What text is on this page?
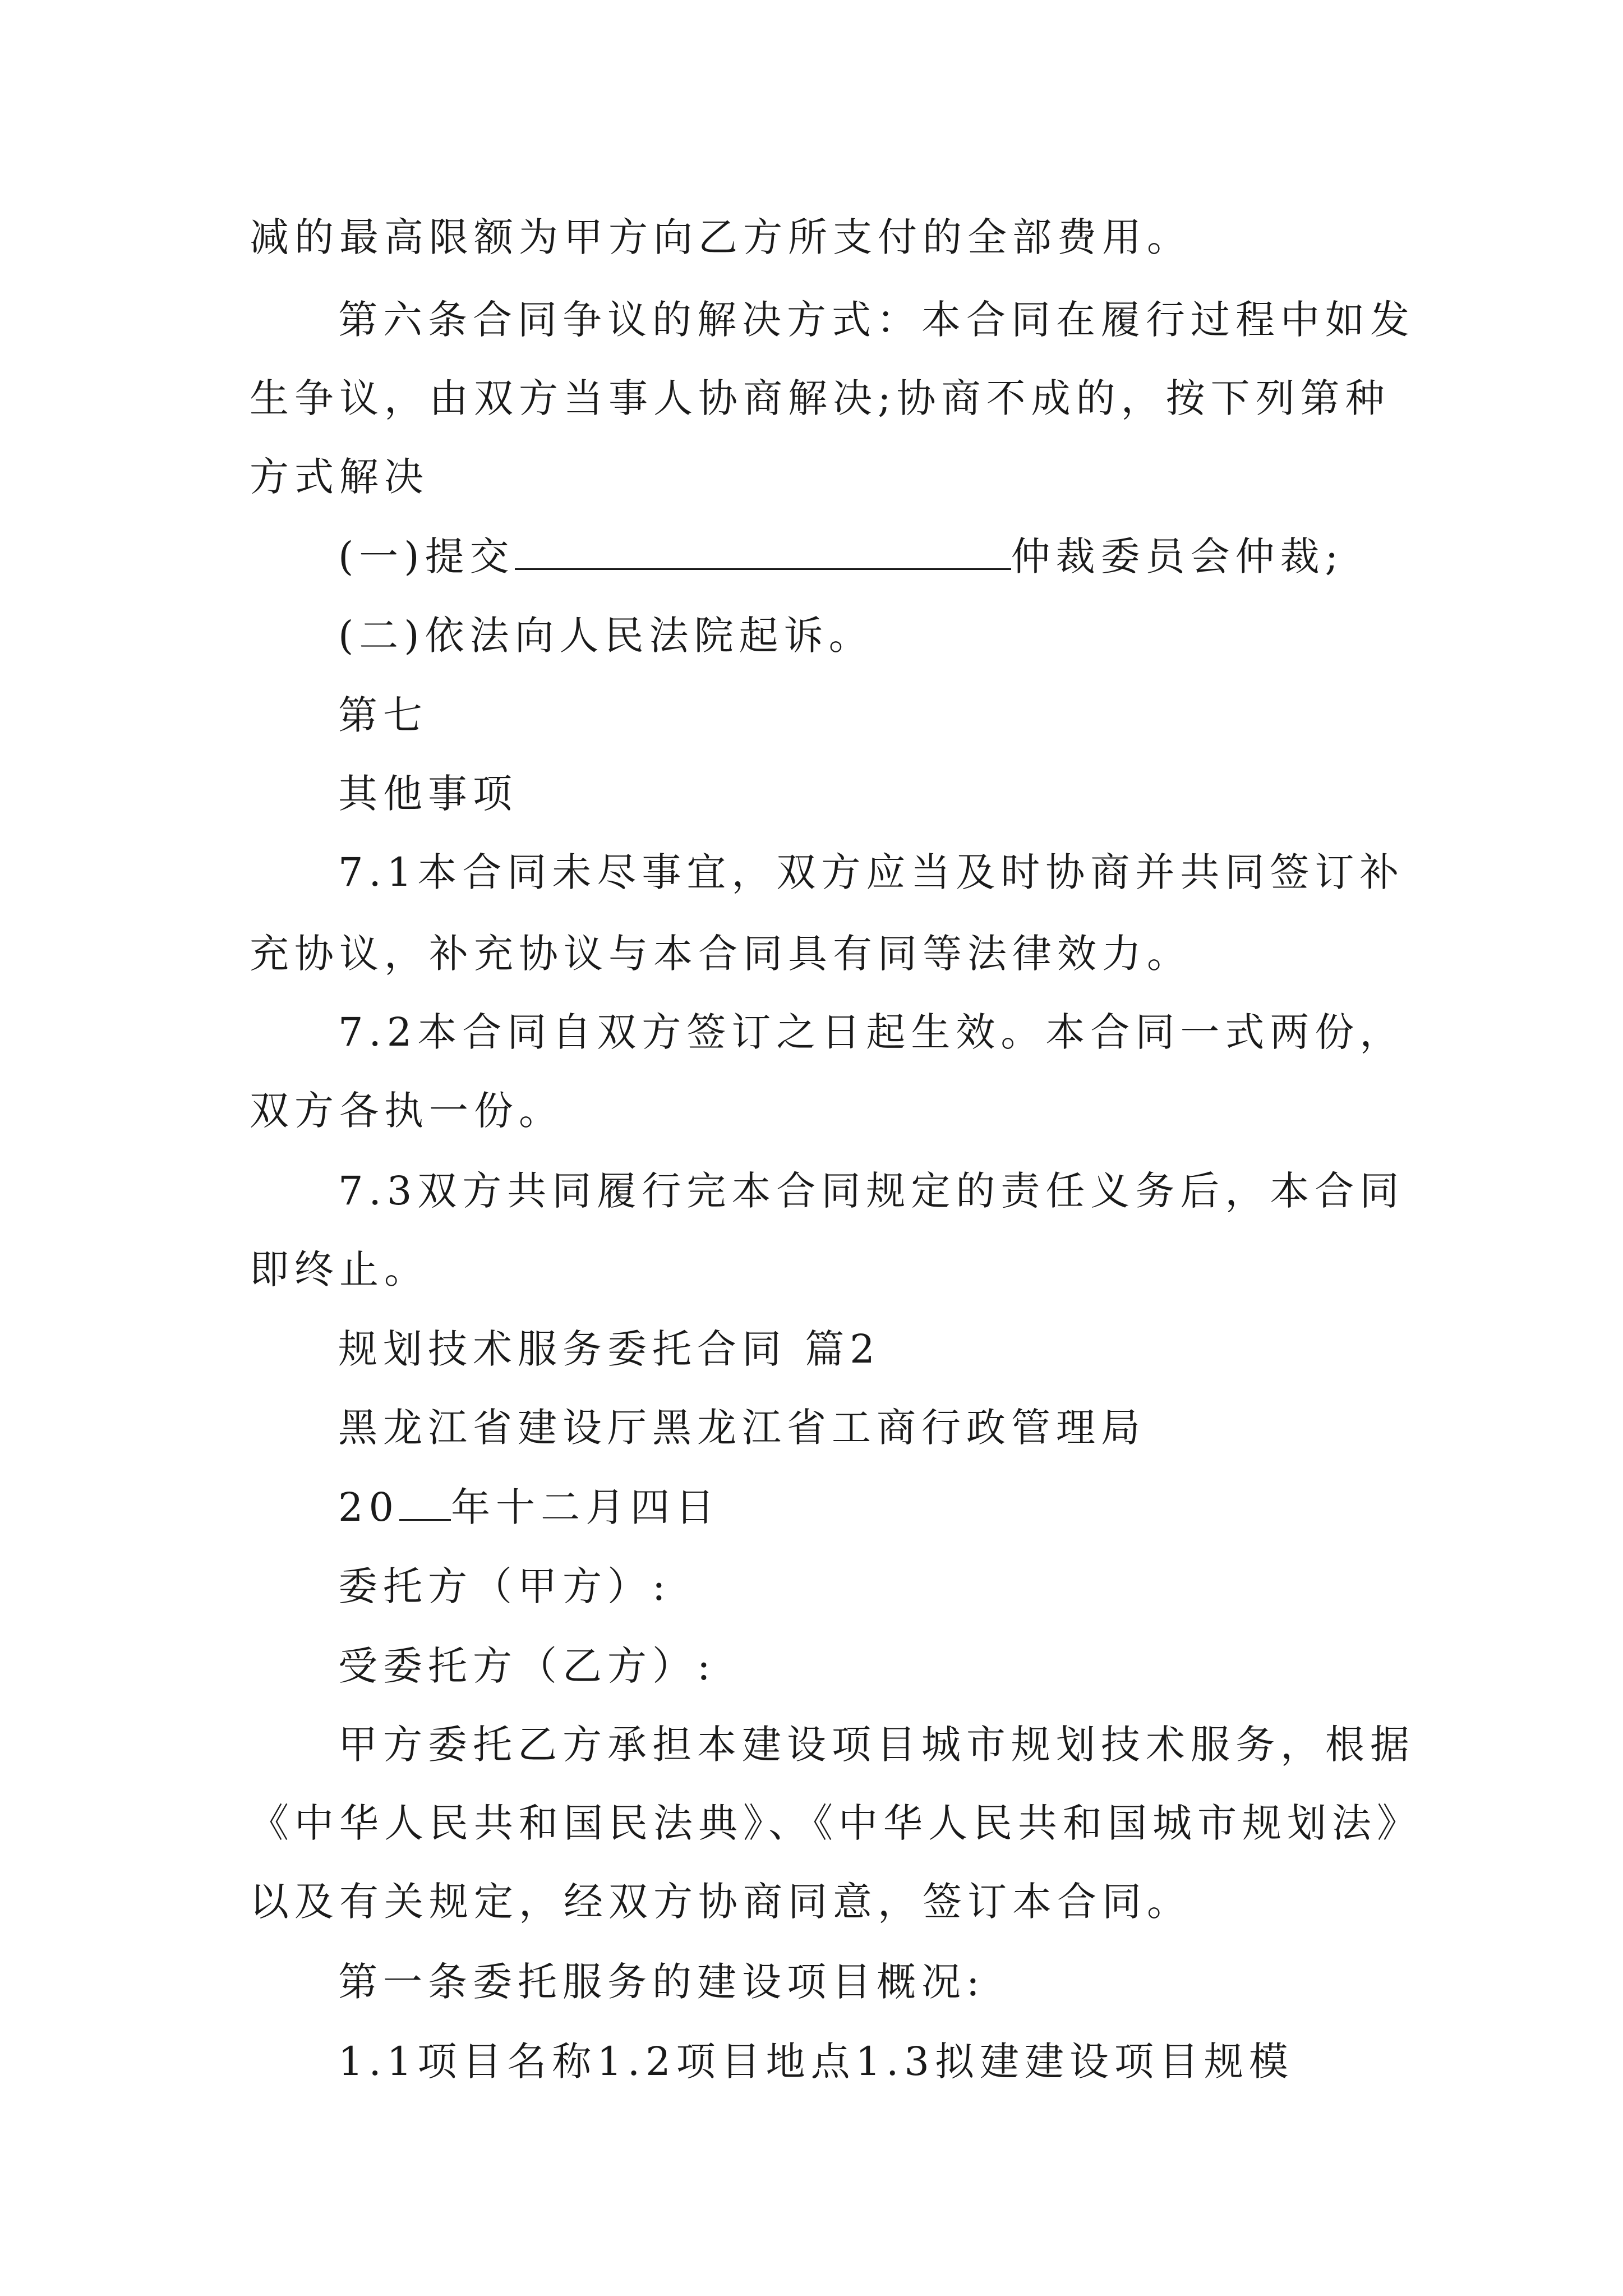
减的最高限额为甲方向乙方所支付的全部费用。
第六条合同争议的解决方式：本合同在履行过程中如发
生争议，由双方当事人协商解决;协商不成的，按下列第种
方式解决
(一)提交	仲裁委员会仲裁;
(二)依法向人民法院起诉。
第七
其他事项
7.1本合同未尽事宜，双方应当及时协商并共同签订补
充协议，补充协议与本合同具有同等法律效力。
7.2本合同自双方签订之日起生效。本合同一式两份，
双方各执一份。
7.3双方共同履行完本合同规定的责任义务后，本合同
即终止。
规划技术服务委托合同 篇2
黑龙江省建设厅黑龙江省工商行政管理局
20 年十二月四日
委托方（甲方）:
受委托方（乙方）:
甲方委托乙方承担本建设项目城市规划技术服务，根据
《中华人民共和国民法典》、《中华人民共和国城市规划法》
以及有关规定，经双方协商同意，签订本合同。
第一条委托服务的建设项目概况:
1.1项目名称1.2项目地点1.3拟建建设项目规模
